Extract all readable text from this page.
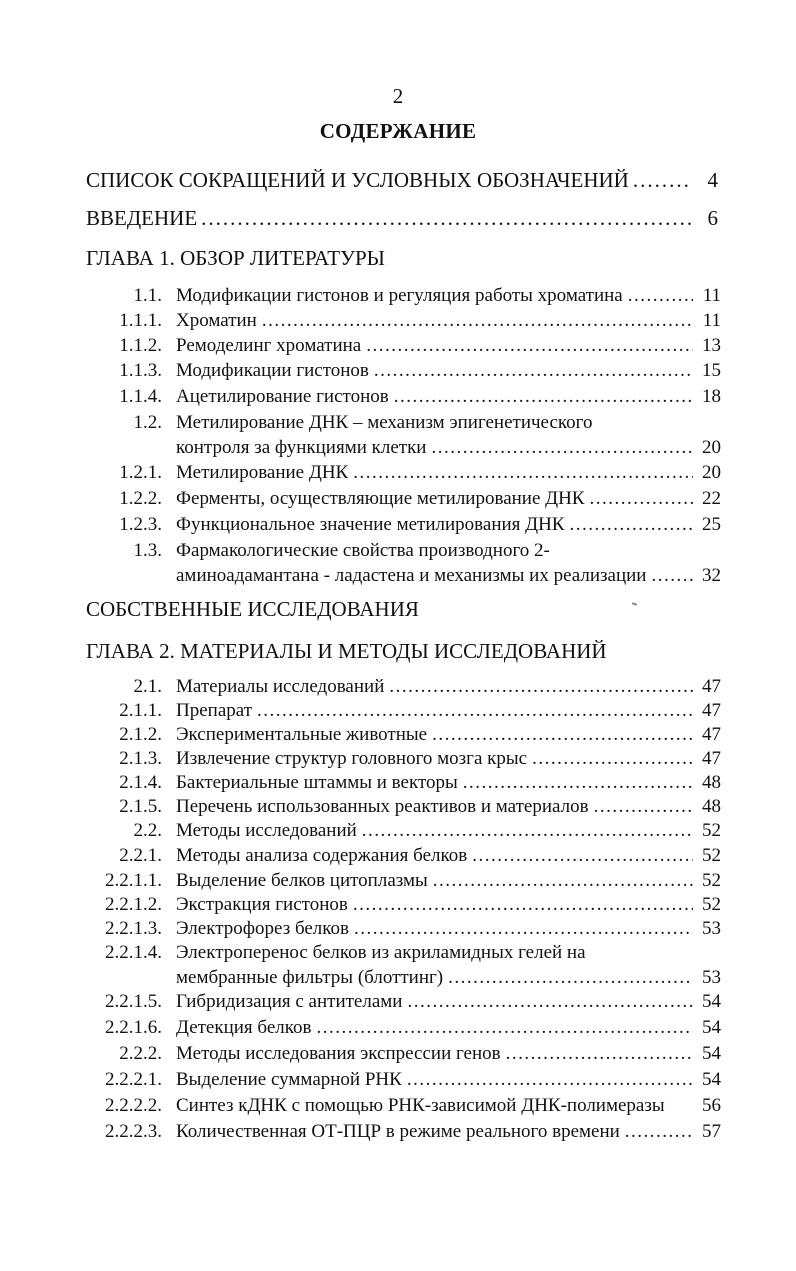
2
СОДЕРЖАНИЕ
СПИСОК СОКРАЩЕНИЙ И УСЛОВНЫХ ОБОЗНАЧЕНИЙ .....	4
ВВЕДЕНИЕ .....	6
ГЛАВА 1. ОБЗОР ЛИТЕРАТУРЫ
1.1. Модификации гистонов и регуляция работы хроматина .....	11
1.1.1. Хроматин .....	11
1.1.2. Ремоделинг хроматина .....	13
1.1.3. Модификации гистонов .....	15
1.1.4. Ацетилирование гистонов .....	18
1.2. Метилирование ДНК – механизм эпигенетического
контроля за функциями клетки .....	20
1.2.1. Метилирование ДНК .....	20
1.2.2. Ферменты, осуществляющие метилирование ДНК .....	22
1.2.3. Функциональное значение метилирования ДНК .....	25
1.3. Фармакологические свойства производного 2-
аминоадамантана - ладастена и механизмы их реализации .....	32
СОБСТВЕННЫЕ ИССЛЕДОВАНИЯ
ГЛАВА 2. МАТЕРИАЛЫ И МЕТОДЫ ИССЛЕДОВАНИЙ
2.1. Материалы исследований .....	47
2.1.1. Препарат .....	47
2.1.2. Экспериментальные животные .....	47
2.1.3. Извлечение структур головного мозга крыс .....	47
2.1.4. Бактериальные штаммы и векторы .....	48
2.1.5. Перечень использованных реактивов и материалов .....	48
2.2. Методы исследований .....	52
2.2.1. Методы анализа содержания белков .....	52
2.2.1.1. Выделение белков цитоплазмы .....	52
2.2.1.2. Экстракция гистонов .....	52
2.2.1.3. Электрофорез белков .....	53
2.2.1.4. Электроперенос белков из акриламидных гелей на
мембранные фильтры (блоттинг) .....	53
2.2.1.5. Гибридизация с антителами .....	54
2.2.1.6. Детекция белков .....	54
2.2.2. Методы исследования экспрессии генов .....	54
2.2.2.1. Выделение суммарной РНК .....	54
2.2.2.2. Синтез кДНК с помощью РНК-зависимой ДНК-полимеразы 56
2.2.2.3. Количественная ОТ-ПЦР в режиме реального времени .....	57
